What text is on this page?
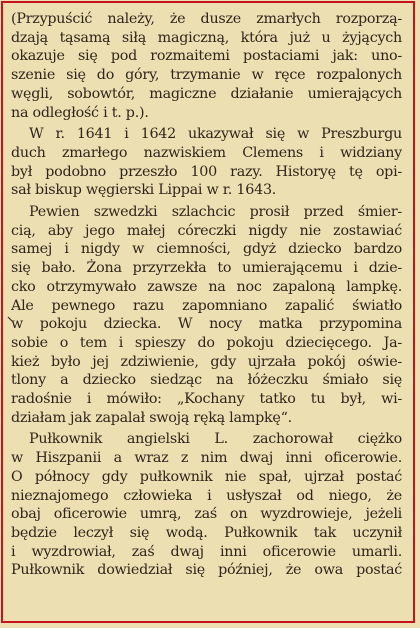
(Przypuścić należy, że dusze zmarłych rozporzą-
dzają tąsamą siłą magiczną, która już u żyjących
okazuje się pod rozmaitemi postaciami jak: uno-
szenie się do góry, trzymanie w ręce rozpalonych
węgli, sobowtór, magiczne działanie umierających
na odległość i t. p.).
W r. 1641 i 1642 ukazywał się w Preszburgu
duch zmarłego nazwiskiem Clemens i widziany
był podobno przeszło 100 razy. Historyę tę opi-
sał biskup węgierski Lippai w r. 1643.
Pewien szwedzki szlachcic prosił przed śmier-
cią, aby jego małej córeczki nigdy nie zostawiać
samej i nigdy w ciemności, gdyż dziecko bardzo
się bało. Żona przyrzekła to umierającemu i dzie-
cko otrzymywało zawsze na noc zapaloną lampkę.
Ale pewnego razu zapomniano zapalić światło
w pokoju dziecka. W nocy matka przypomina
sobie o tem i spieszy do pokoju dziecięcego. Ja-
kież było jej zdziwienie, gdy ujrzała pokój oświe-
tlony a dziecko siedząc na łóżeczku śmiało się
radośnie i mówiło: „Kochany tatko tu był, wi-
działam jak zapalał swoją ręką lampkę“.
Pułkownik angielski L. zachorował ciężko
w Hiszpanii a wraz z nim dwaj inni oficerowie.
O północy gdy pułkownik nie spał, ujrzał postać
nieznajomego człowieka i usłyszał od niego, że
obaj oficerowie umrą, zaś on wyzdrowieje, jeżeli
będzie leczył się wodą. Pułkownik tak uczynił
i wyzdrowiał, zaś dwaj inni oficerowie umarli.
Pułkownik dowiedział się później, że owa postać
